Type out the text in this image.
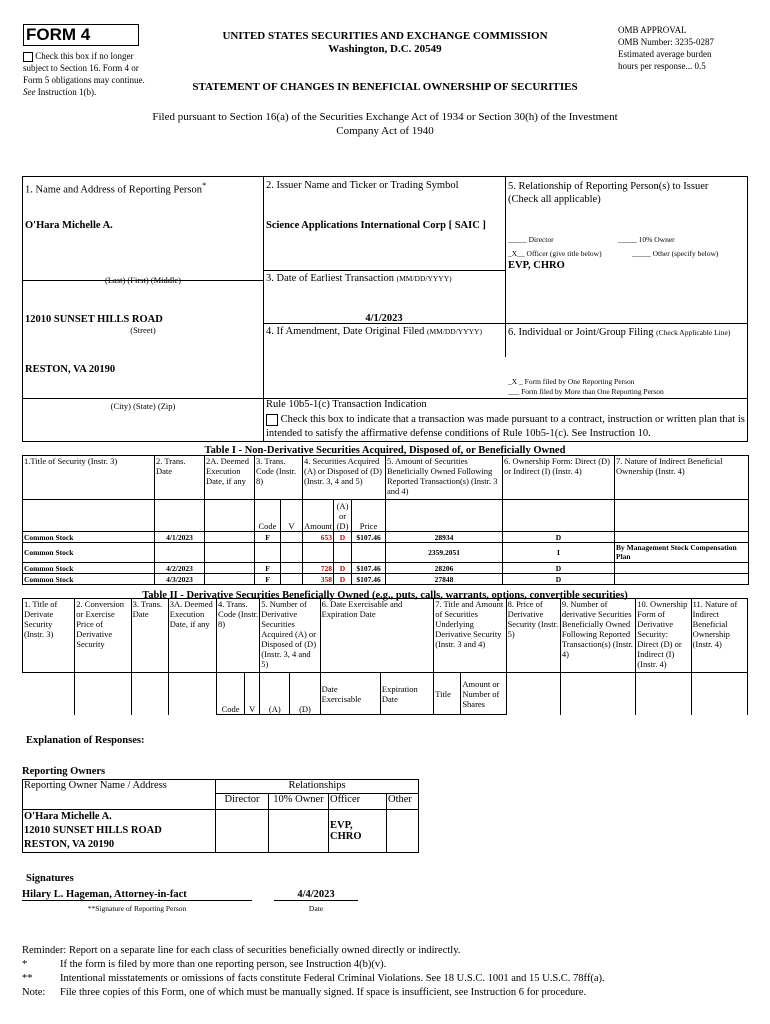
FORM 4
Check this box if no longer subject to Section 16. Form 4 or Form 5 obligations may continue. See Instruction 1(b).
UNITED STATES SECURITIES AND EXCHANGE COMMISSION
Washington, D.C. 20549
STATEMENT OF CHANGES IN BENEFICIAL OWNERSHIP OF SECURITIES
OMB APPROVAL
OMB Number: 3235-0287
Estimated average burden
hours per response... 0.5
Filed pursuant to Section 16(a) of the Securities Exchange Act of 1934 or Section 30(h) of the Investment Company Act of 1940
1. Name and Address of Reporting Person*
O'Hara Michelle A.
(Last) (First) (Middle)
12010 SUNSET HILLS ROAD
(Street)
RESTON, VA 20190
(City) (State) (Zip)
2. Issuer Name and Ticker or Trading Symbol
Science Applications International Corp [ SAIC ]
3. Date of Earliest Transaction (MM/DD/YYYY)
4/1/2023
4. If Amendment, Date Original Filed (MM/DD/YYYY)
5. Relationship of Reporting Person(s) to Issuer
(Check all applicable)
_____ Director	_____ 10% Owner
_X__ Officer (give title below)	_____ Other (specify below)
EVP, CHRO
6. Individual or Joint/Group Filing (Check Applicable Line)
_X _ Form filed by One Reporting Person
___ Form filed by More than One Reporting Person
Rule 10b5-1(c) Transaction Indication
Check this box to indicate that a transaction was made pursuant to a contract, instruction or written plan that is intended to satisfy the affirmative defense conditions of Rule 10b5-1(c). See Instruction 10.
Table I - Non-Derivative Securities Acquired, Disposed of, or Beneficially Owned
1.Title of Security (Instr. 3)	2. Trans. Date	2A. Deemed Execution Date, if any	3. Trans. Code (Instr. 8)		4. Securities Acquired (A) or Disposed of (D) (Instr. 3, 4 and 5)			5. Amount of Securities Beneficially Owned Following Reported Transaction(s) (Instr. 3 and 4)	6. Ownership Form: Direct (D) or Indirect (I) (Instr. 4)	7. Nature of Indirect Beneficial Ownership (Instr. 4)
			Code	V	Amount	(A) or (D)	Price			
Common Stock	4/1/2023		F		653	D	$107.46	28934	D	
Common Stock								2359.2051	I	By Management Stock Compensation Plan
Common Stock	4/2/2023		F		728	D	$107.46	28206	D	
Common Stock	4/3/2023		F		358	D	$107.46	27848	D	
Table II - Derivative Securities Beneficially Owned (e.g., puts, calls, warrants, options, convertible securities)
1. Title of Derivate Security (Instr. 3)	2. Conversion or Exercise Price of Derivative Security	3. Trans. Date	3A. Deemed Execution Date, if any	4. Trans. Code (Instr. 8)		5. Number of Derivative Securities Acquired (A) or Disposed of (D) (Instr. 3, 4 and 5)		6. Date Exercisable and Expiration Date		7. Title and Amount of Securities Underlying Derivative Security (Instr. 3 and 4)		8. Price of Derivative Security (Instr. 5)	9. Number of derivative Securities Beneficially Owned Following Reported Transaction(s) (Instr. 4)	10. Ownership Form of Derivative Security: Direct (D) or Indirect (I) (Instr. 4)	11. Nature of Indirect Beneficial Ownership (Instr. 4)
				Code	V	(A)	(D)	Date Exercisable	Expiration Date	Title	Amount or Number of Shares				
Explanation of Responses:
Reporting Owners
Reporting Owner Name / Address	Relationships			
	Director	10% Owner	Officer	Other

O'Hara Michelle A.
12010 SUNSET HILLS ROAD
RESTON, VA 20190			EVP, CHRO	
Signatures
Hilary L. Hageman, Attorney-in-fact	4/4/2023
**Signature of Reporting Person	Date
Reminder: Report on a separate line for each class of securities beneficially owned directly or indirectly.
*	If the form is filed by more than one reporting person, see Instruction 4(b)(v).
**	Intentional misstatements or omissions of facts constitute Federal Criminal Violations. See 18 U.S.C. 1001 and 15 U.S.C. 78ff(a).
Note:	File three copies of this Form, one of which must be manually signed. If space is insufficient, see Instruction 6 for procedure.
